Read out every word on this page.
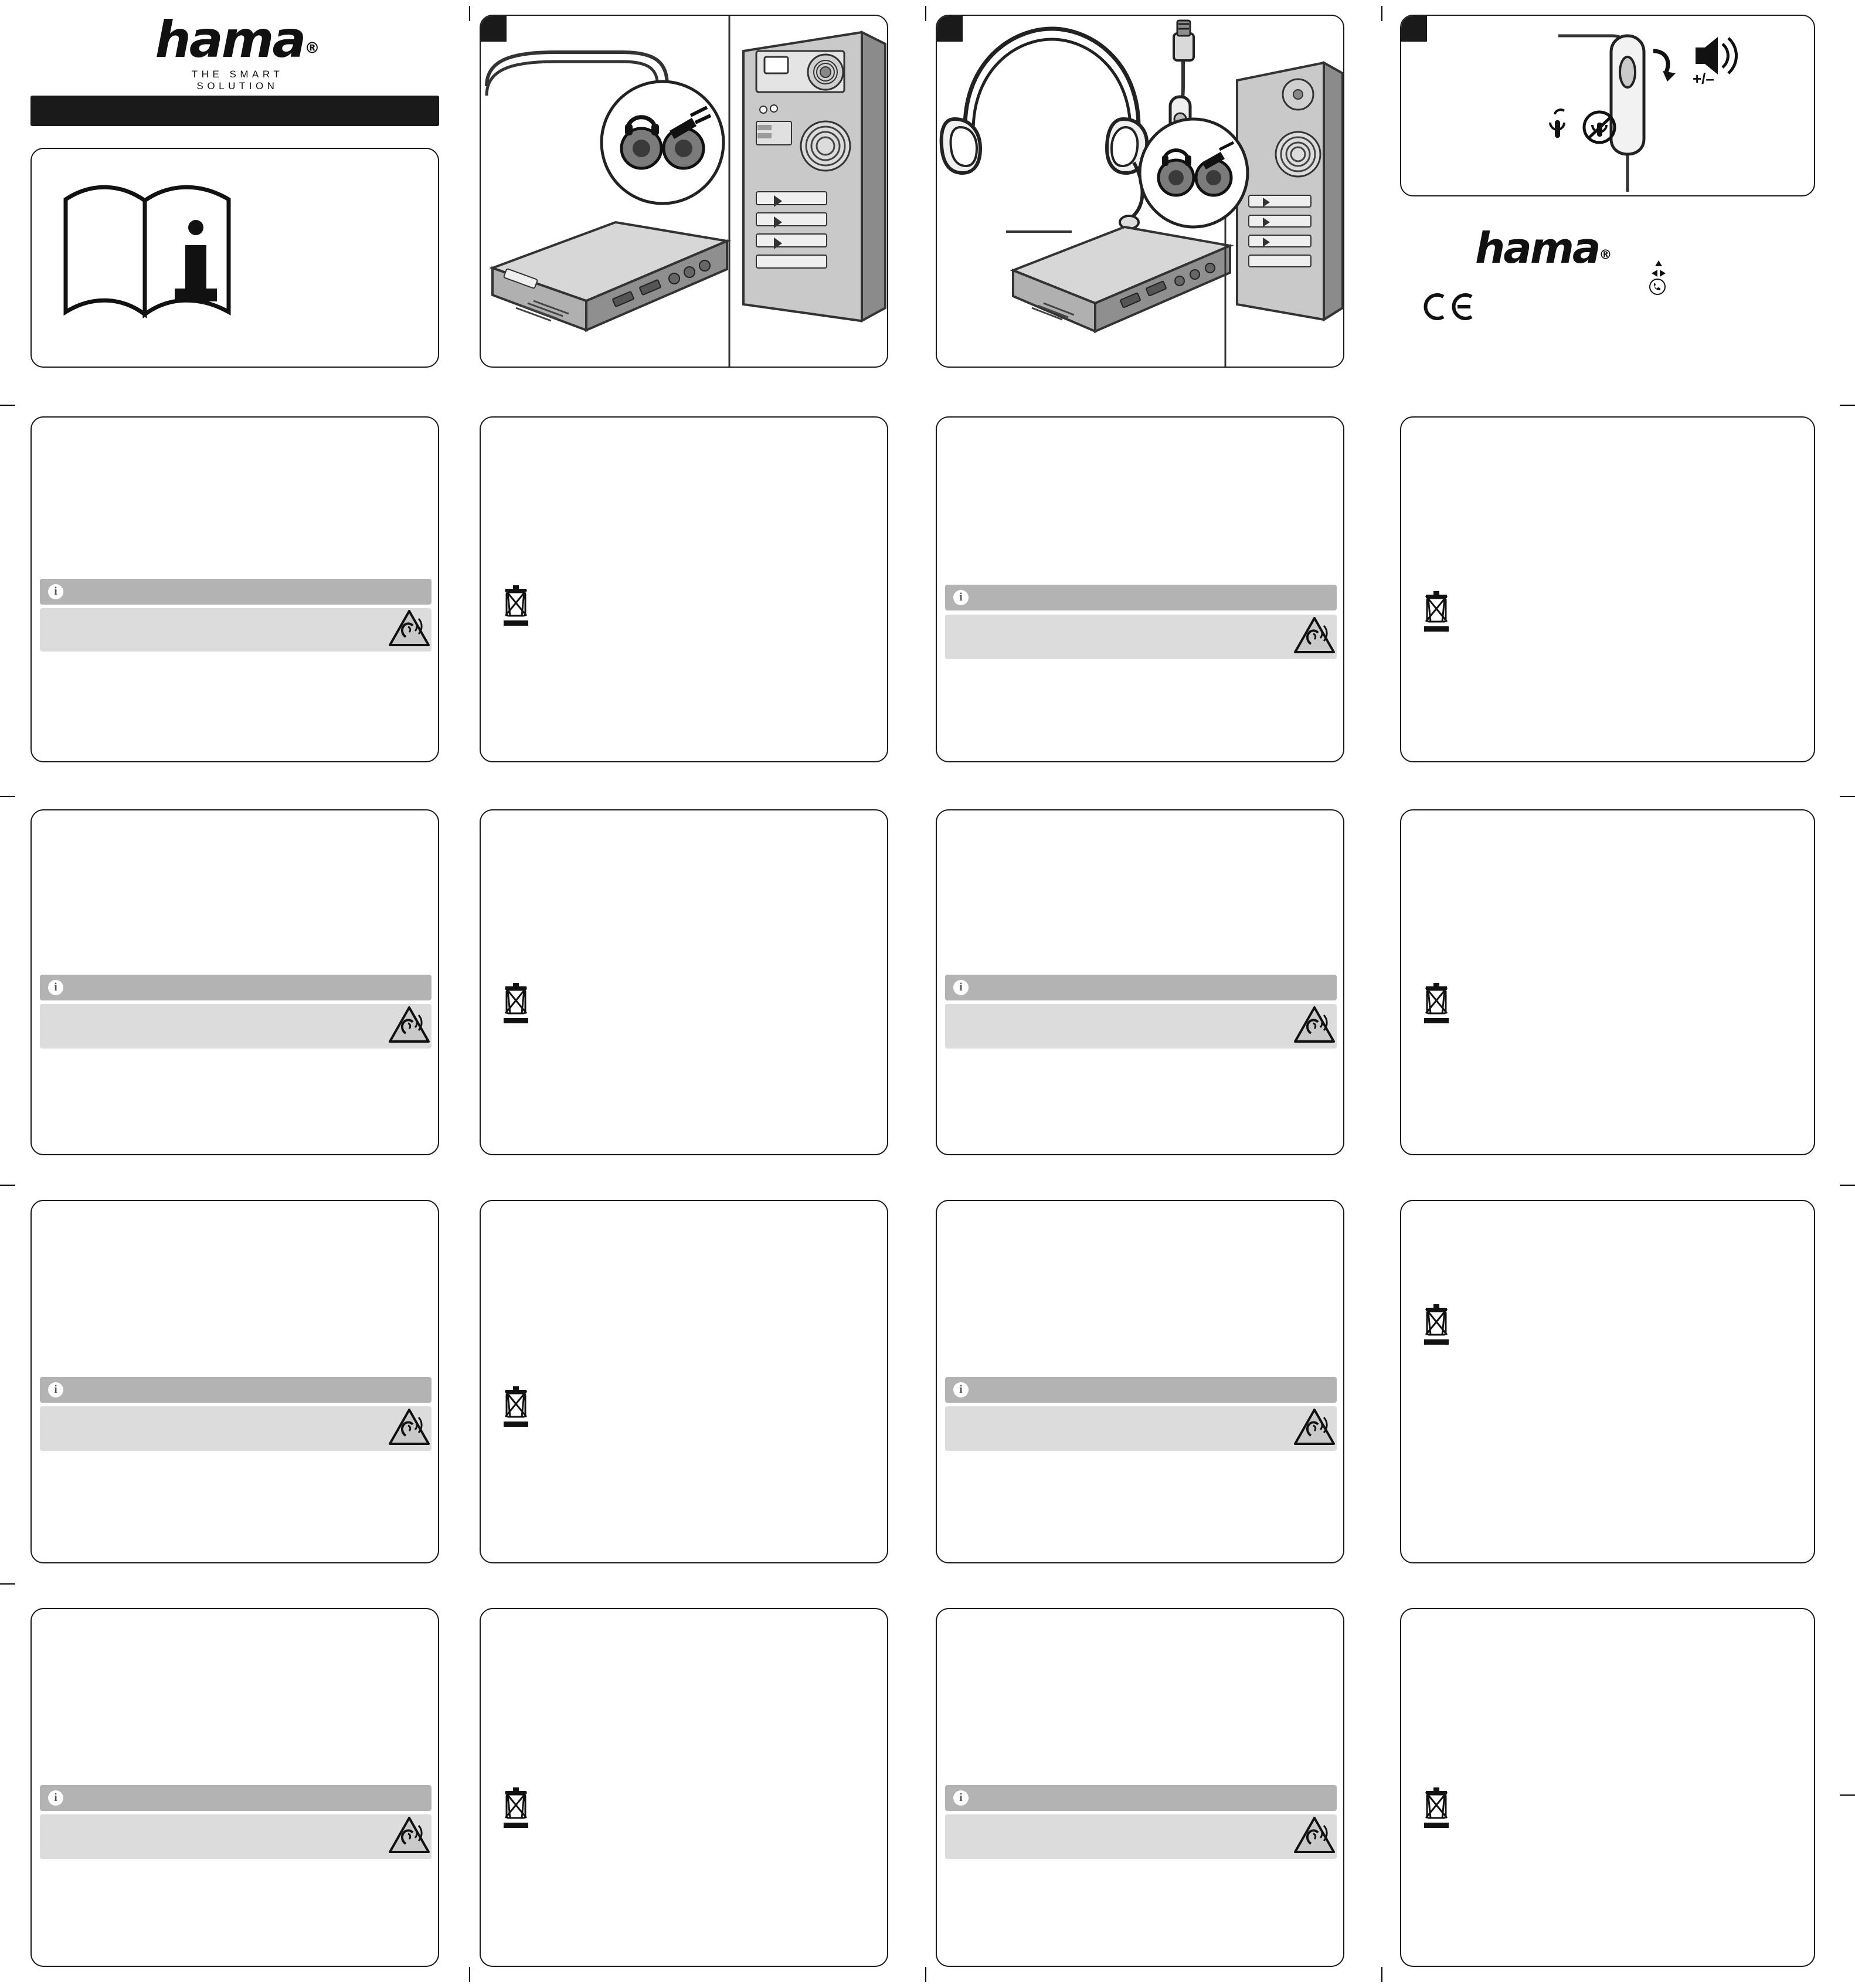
hama®
THE SMART SOLUTION	+/–
hama®
i	i
i	i
i	i
i	i
